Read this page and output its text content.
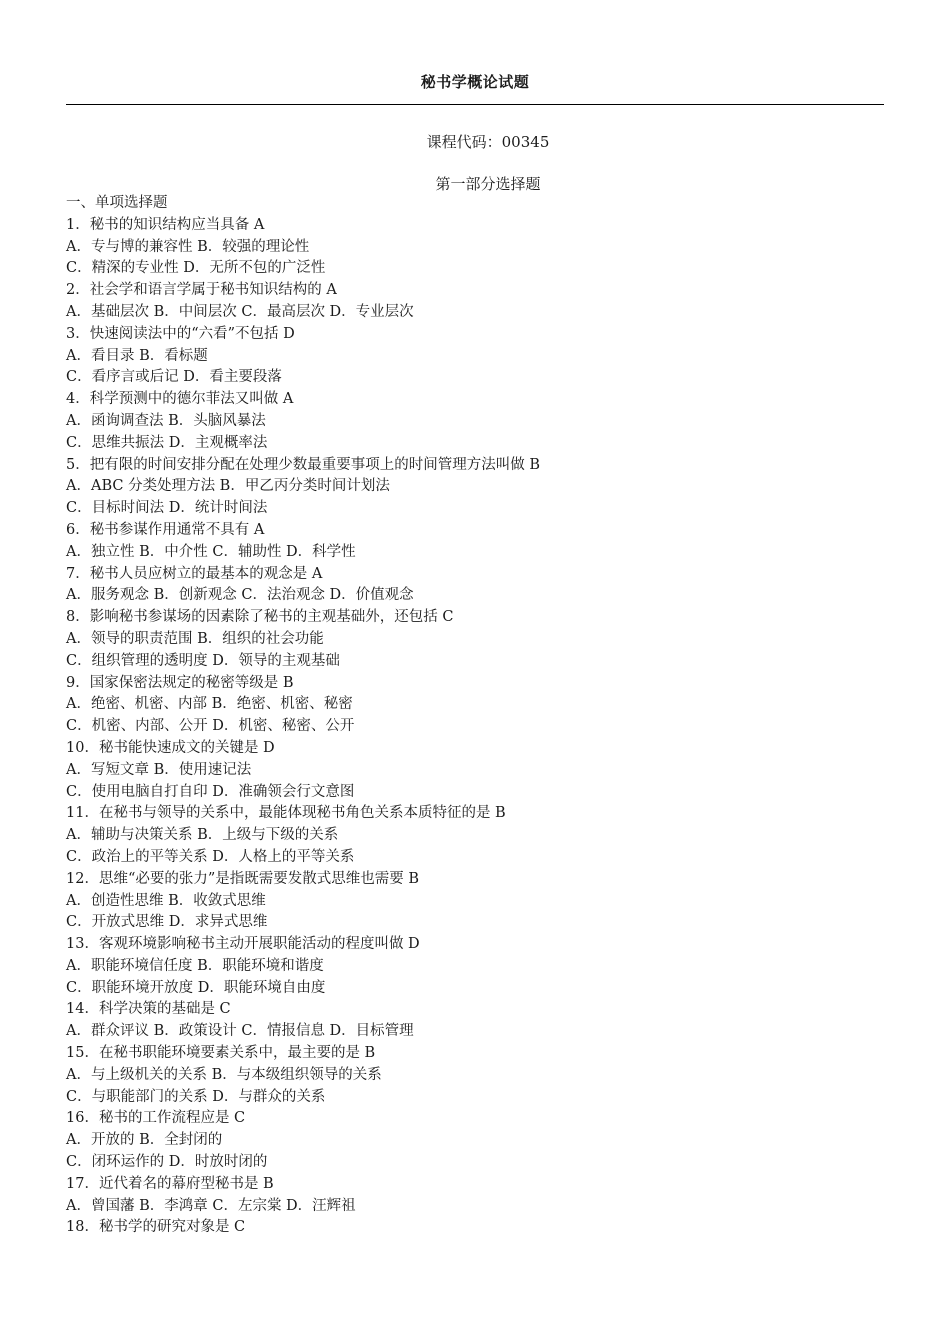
秘书学概论试题
课程代码：00345
第一部分选择题
一、单项选择题
1．秘书的知识结构应当具备 A
A．专与博的兼容性 B．较强的理论性
C．精深的专业性 D．无所不包的广泛性
2．社会学和语言学属于秘书知识结构的 A
A．基础层次 B．中间层次 C．最高层次 D．专业层次
3．快速阅读法中的“六看”不包括 D
A．看目录 B．看标题
C．看序言或后记 D．看主要段落
4．科学预测中的德尔菲法又叫做 A
A．函询调查法 B．头脑风暴法
C．思维共振法 D．主观概率法
5．把有限的时间安排分配在处理少数最重要事项上的时间管理方法叫做 B
A．ABC 分类处理方法 B．甲乙丙分类时间计划法
C．目标时间法 D．统计时间法
6．秘书参谋作用通常不具有 A
A．独立性 B．中介性 C．辅助性 D．科学性
7．秘书人员应树立的最基本的观念是 A
A．服务观念 B．创新观念 C．法治观念 D．价值观念
8．影响秘书参谋场的因素除了秘书的主观基础外，还包括 C
A．领导的职责范围 B．组织的社会功能
C．组织管理的透明度 D．领导的主观基础
9．国家保密法规定的秘密等级是 B
A．绝密、机密、内部 B．绝密、机密、秘密
C．机密、内部、公开 D．机密、秘密、公开
10．秘书能快速成文的关键是 D
A．写短文章 B．使用速记法
C．使用电脑自打自印 D．准确领会行文意图
11．在秘书与领导的关系中，最能体现秘书角色关系本质特征的是 B
A．辅助与决策关系 B．上级与下级的关系
C．政治上的平等关系 D．人格上的平等关系
12．思维“必要的张力”是指既需要发散式思维也需要 B
A．创造性思维 B．收敛式思维
C．开放式思维 D．求异式思维
13．客观环境影响秘书主动开展职能活动的程度叫做 D
A．职能环境信任度 B．职能环境和谐度
C．职能环境开放度 D．职能环境自由度
14．科学决策的基础是 C
A．群众评议 B．政策设计 C．情报信息 D．目标管理
15．在秘书职能环境要素关系中，最主要的是 B
A．与上级机关的关系 B．与本级组织领导的关系
C．与职能部门的关系 D．与群众的关系
16．秘书的工作流程应是 C
A．开放的 B．全封闭的
C．闭环运作的 D．时放时闭的
17．近代着名的幕府型秘书是 B
A．曾国藩 B．李鸿章 C．左宗棠 D．汪辉祖
18．秘书学的研究对象是 C
